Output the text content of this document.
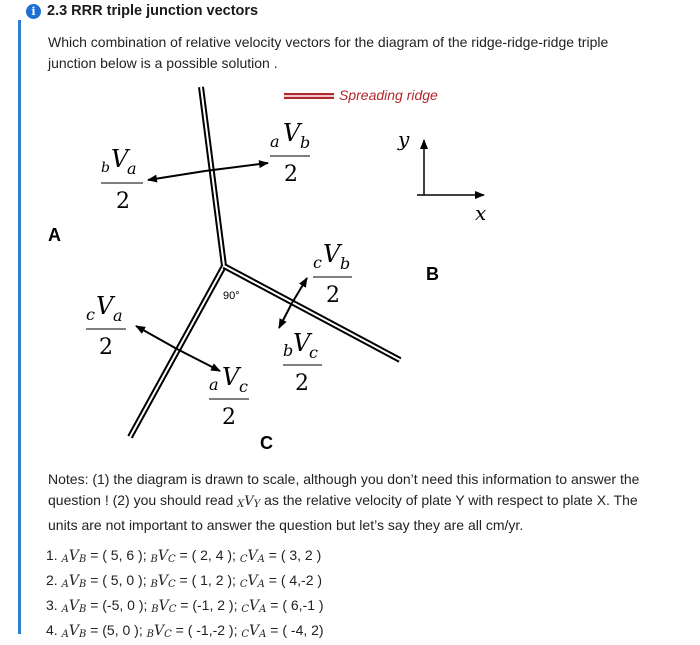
i 2.3 RRR triple junction vectors
Which combination of relative velocity vectors for the diagram of the ridge-ridge-ridge triple junction below is a possible solution .
Spreading ridge
b V
a
2
a V b
2
c V b
2
c V a
2	b V
c
2
a V c
2
90°
A
B
C
y
x
Notes: (1) the diagram is drawn to scale, although you don’t need this information to answer the question ! (2) you should read $_XV_Y$ as the relative velocity of plate Y with respect to plate X. The units are not important to answer the question but let’s say they are all cm/yr.
1. $_AV_B$ = ( 5, 6 ); $_BV_C$ = ( 2, 4 ); $_CV_A$ = ( 3, 2 )
2. $_AV_B$ = ( 5, 0 ); $_BV_C$ = ( 1, 2 ); $_CV_A$ = ( 4,-2 )
3. $_AV_B = (-5$, 0 ); $_BV_C = (-1$, 2 ); $_CV_A$ = ( 6,-1 )
4. $_AV_B = (5$, 0 ); $_BV_C$ = ( -1,-2 ); $_CV_A$ = ( -4, 2)
